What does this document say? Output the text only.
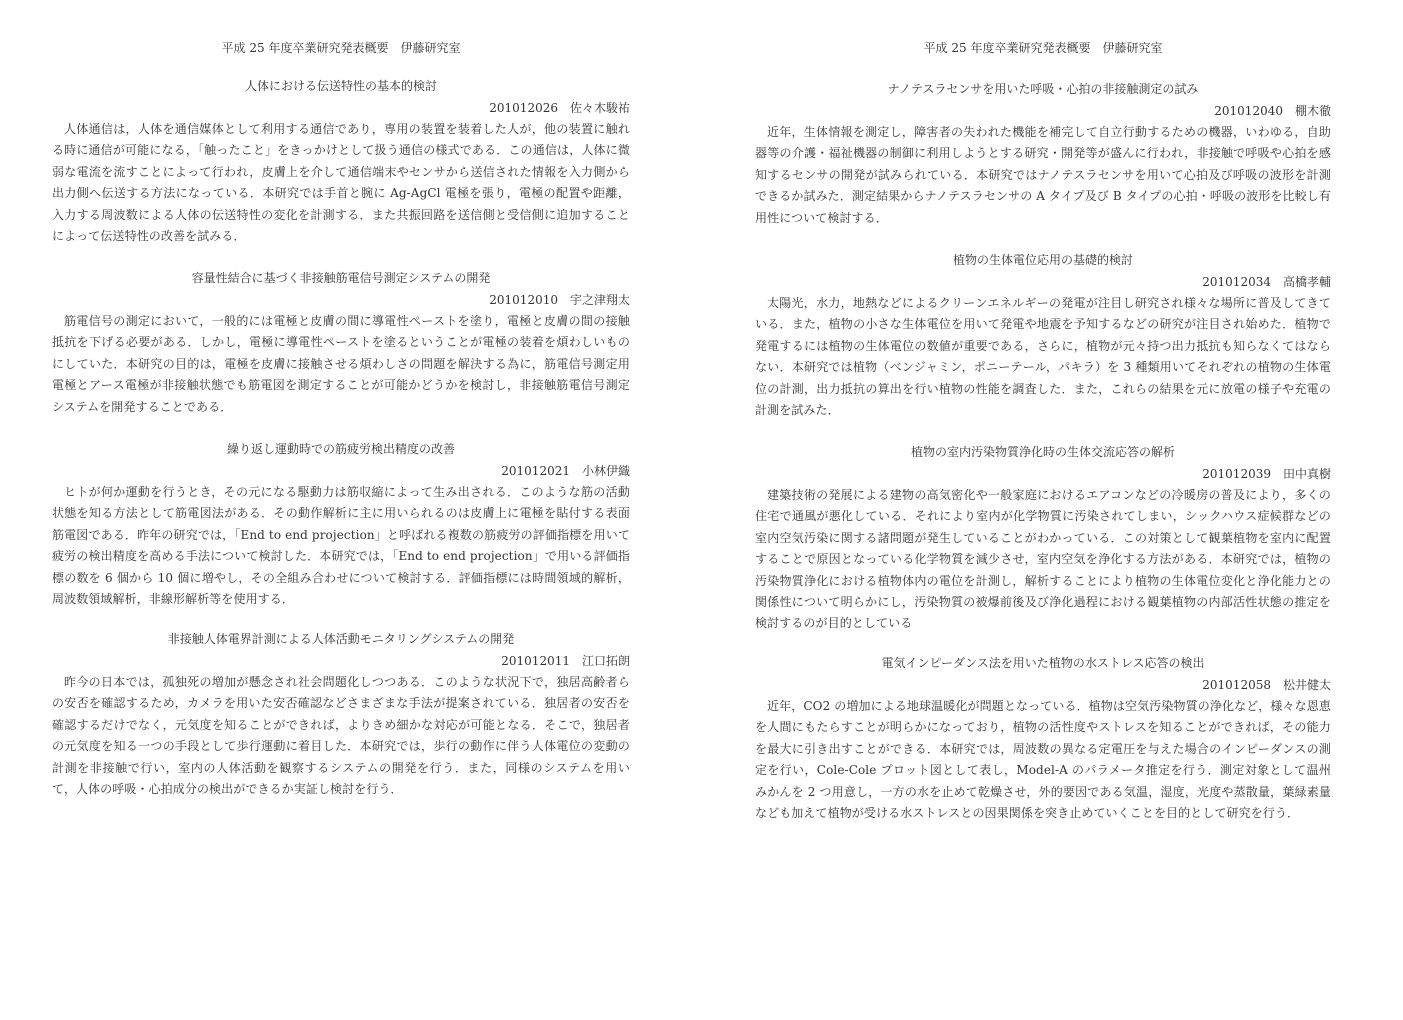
平成 25 年度卒業研究発表概要　伊藤研究室
人体における伝送特性の基本的検討
201012026 佐々木駿祐
人体通信は，人体を通信媒体として利用する通信であり，専用の装置を装着した人が，他の装置に触れる時に通信が可能になる，「触ったこと」をきっかけとして扱う通信の様式である．この通信は，人体に微弱な電流を流すことによって行われ，皮膚上を介して通信端末やセンサから送信された情報を入力側から出力側へ伝送する方法になっている．本研究では手首と腕に Ag-AgCl 電極を張り，電極の配置や距離，入力する周波数による人体の伝送特性の変化を計測する．また共振回路を送信側と受信側に追加することによって伝送特性の改善を試みる．
容量性結合に基づく非接触筋電信号測定システムの開発
201012010 宇之津翔太
筋電信号の測定において，一般的には電極と皮膚の間に導電性ペーストを塗り，電極と皮膚の間の接触抵抗を下げる必要がある．しかし，電極に導電性ペーストを塗るということが電極の装着を煩わしいものにしていた．本研究の目的は，電極を皮膚に接触させる煩わしさの問題を解決する為に，筋電信号測定用電極とアース電極が非接触状態でも筋電図を測定することが可能かどうかを検討し，非接触筋電信号測定システムを開発することである．
繰り返し運動時での筋疲労検出精度の改善
201012021 小林伊織
ヒトが何か運動を行うとき，その元になる駆動力は筋収縮によって生み出される．このような筋の活動状態を知る方法として筋電図法がある．その動作解析に主に用いられるのは皮膚上に電極を貼付する表面筋電図である．昨年の研究では，「End to end projection」と呼ばれる複数の筋疲労の評価指標を用いて疲労の検出精度を高める手法について検討した．本研究では，「End to end projection」で用いる評価指標の数を 6 個から 10 個に増やし，その全組み合わせについて検討する．評価指標には時間領域的解析，周波数領域解析，非線形解析等を使用する．
非接触人体電界計測による人体活動モニタリングシステムの開発
201012011 江口拓朗
昨今の日本では，孤独死の増加が懸念され社会問題化しつつある．このような状況下で，独居高齢者らの安否を確認するため，カメラを用いた安否確認などさまざまな手法が提案されている．独居者の安否を確認するだけでなく，元気度を知ることができれば，よりきめ細かな対応が可能となる．そこで，独居者の元気度を知る一つの手段として歩行運動に着目した．本研究では，歩行の動作に伴う人体電位の変動の計測を非接触で行い，室内の人体活動を観察するシステムの開発を行う．また，同様のシステムを用いて，人体の呼吸・心拍成分の検出ができるか実証し検討を行う．
平成 25 年度卒業研究発表概要　伊藤研究室
ナノテスラセンサを用いた呼吸・心拍の非接触測定の試み
201012040 棚木徹
近年，生体情報を測定し，障害者の失われた機能を補完して自立行動するための機器，いわゆる，自助器等の介護・福祉機器の制御に利用しようとする研究・開発等が盛んに行われ，非接触で呼吸や心拍を感知するセンサの開発が試みられている．本研究ではナノテスラセンサを用いて心拍及び呼吸の波形を計測できるか試みた．測定結果からナノテスラセンサの A タイプ及び B タイプの心拍・呼吸の波形を比較し有用性について検討する．
植物の生体電位応用の基礎的検討
201012034 高橋孝輔
太陽光，水力，地熱などによるクリーンエネルギーの発電が注目し研究され様々な場所に普及してきている．また，植物の小さな生体電位を用いて発電や地震を予知するなどの研究が注目され始めた．植物で発電するには植物の生体電位の数値が重要である，さらに，植物が元々持つ出力抵抗も知らなくてはならない．本研究では植物（ベンジャミン，ポニーテール，パキラ）を 3 種類用いてそれぞれの植物の生体電位の計測，出力抵抗の算出を行い植物の性能を調査した．また，これらの結果を元に放電の様子や充電の計測を試みた．
植物の室内汚染物質浄化時の生体交流応答の解析
201012039 田中真樹
建築技術の発展による建物の高気密化や一般家庭におけるエアコンなどの冷暖房の普及により，多くの住宅で通風が悪化している．それにより室内が化学物質に汚染されてしまい，シックハウス症候群などの室内空気汚染に関する諸問題が発生していることがわかっている．この対策として観葉植物を室内に配置することで原因となっている化学物質を減少させ，室内空気を浄化する方法がある．本研究では，植物の汚染物質浄化における植物体内の電位を計測し，解析することにより植物の生体電位変化と浄化能力との関係性について明らかにし，汚染物質の被爆前後及び浄化過程における観葉植物の内部活性状態の推定を検討するのが目的としている
電気インピーダンス法を用いた植物の水ストレス応答の検出
201012058 松井健太
近年，CO2 の増加による地球温暖化が問題となっている．植物は空気汚染物質の浄化など，様々な恩恵を人間にもたらすことが明らかになっており，植物の活性度やストレスを知ることができれば，その能力を最大に引き出すことができる．本研究では，周波数の異なる定電圧を与えた場合のインピーダンスの測定を行い，Cole-Cole プロット図として表し，Model-A のパラメータ推定を行う．測定対象として温州みかんを 2 つ用意し，一方の水を止めて乾燥させ，外的要因である気温，湿度，光度や蒸散量，葉緑素量なども加えて植物が受ける水ストレスとの因果関係を突き止めていくことを目的として研究を行う．
